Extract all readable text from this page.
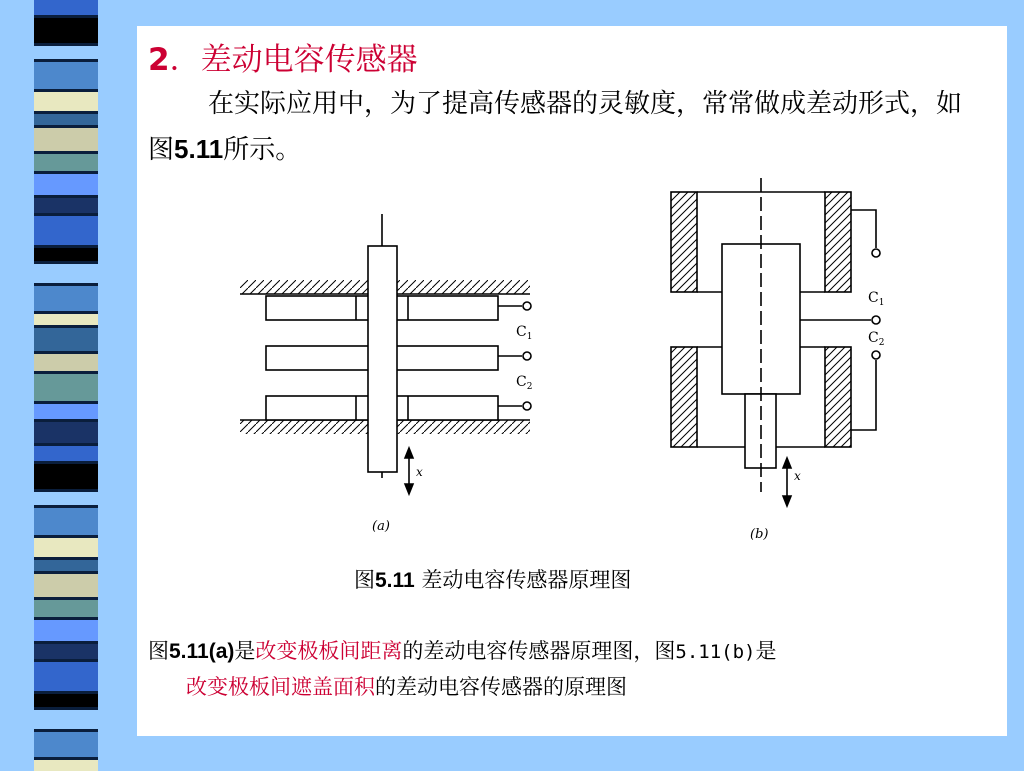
2．差动电容传感器
在实际应用中，为了提高传感器的灵敏度，常常做成差动形式，如图5.11所示。
$C_1$
$C_2$
x
(a)
$C_1$
$C_2$
x
(b)
图5.11 差动电容传感器原理图
图5.11(a)是改变极板间距离的差动电容传感器原理图，图5.11(b)是
改变极板间遮盖面积的差动电容传感器的原理图
